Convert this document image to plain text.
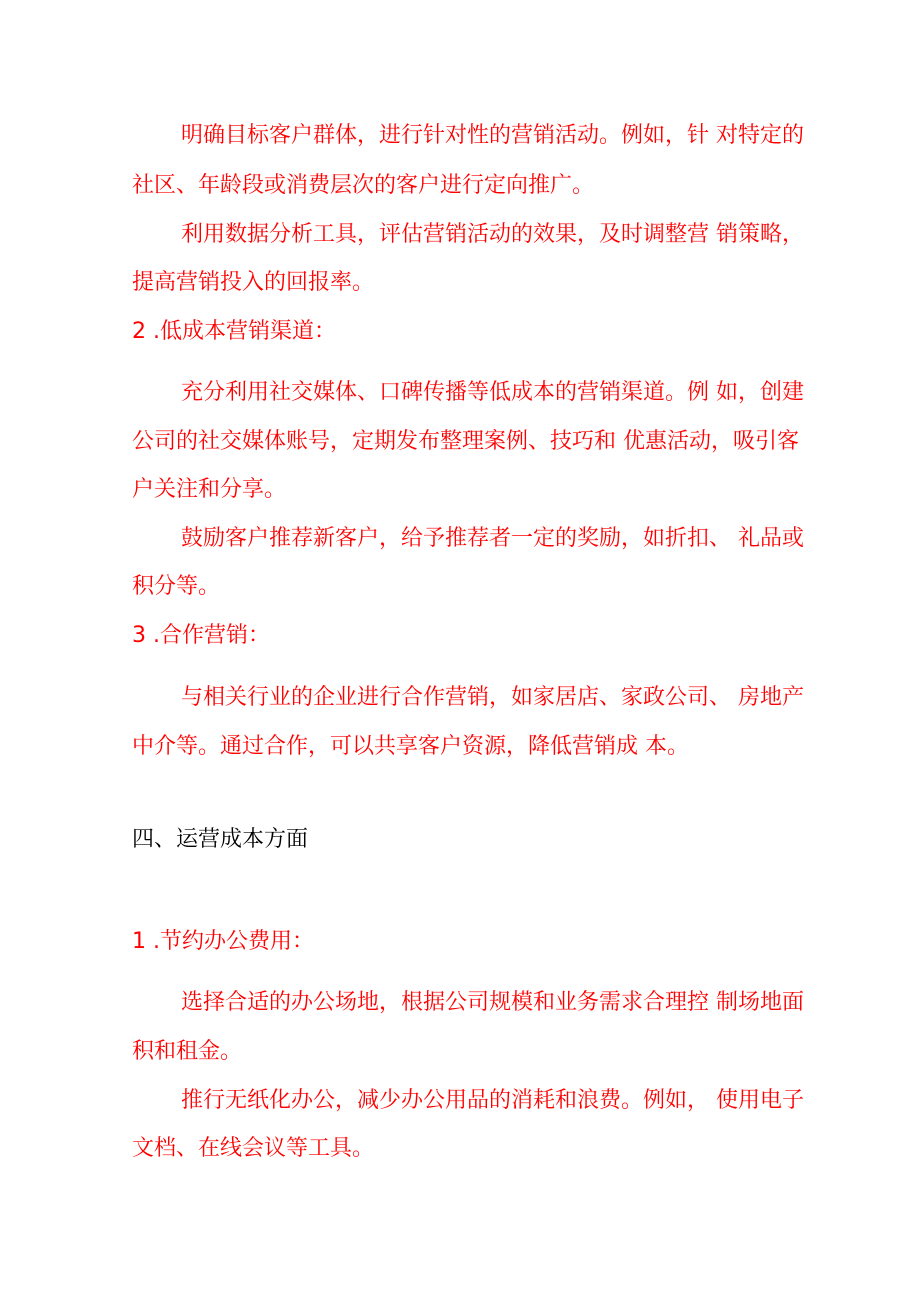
明确目标客户群体，进行针对性的营销活动。例如，针 对特定的
社区、年龄段或消费层次的客户进行定向推广。
利用数据分析工具，评估营销活动的效果，及时调整营 销策略，
提高营销投入的回报率。
2 .低成本营销渠道：
充分利用社交媒体、口碑传播等低成本的营销渠道。例 如，创建
公司的社交媒体账号，定期发布整理案例、技巧和 优惠活动，吸引客
户关注和分享。
鼓励客户推荐新客户，给予推荐者一定的奖励，如折扣、 礼品或
积分等。
3 .合作营销：
与相关行业的企业进行合作营销，如家居店、家政公司、 房地产
中介等。通过合作，可以共享客户资源，降低营销成 本。
四、运营成本方面
1 .节约办公费用：
选择合适的办公场地，根据公司规模和业务需求合理控 制场地面
积和租金。
推行无纸化办公，减少办公用品的消耗和浪费。例如， 使用电子
文档、在线会议等工具。
